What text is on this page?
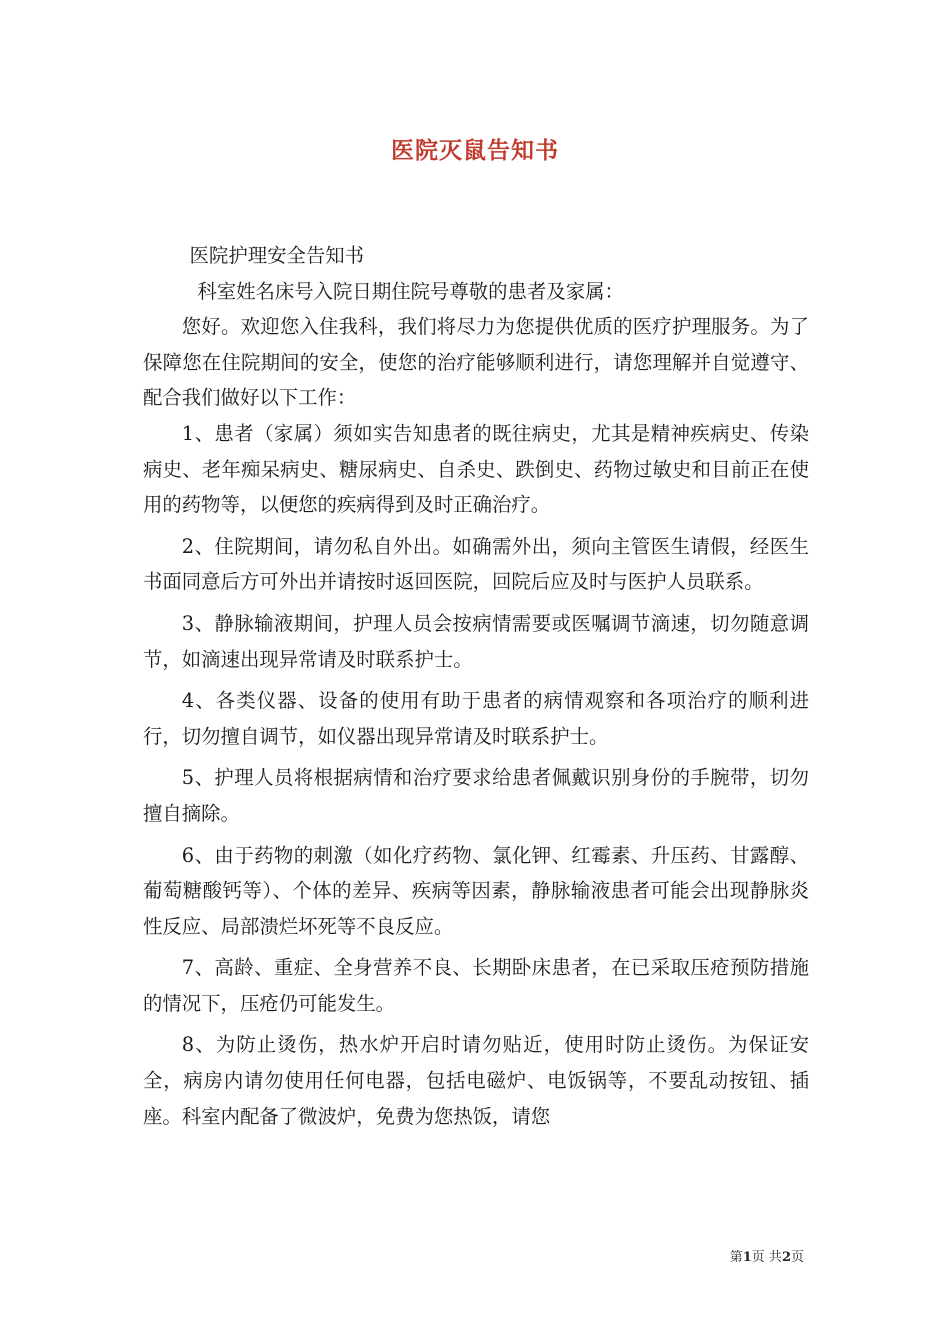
医院灭鼠告知书

医院护理安全告知书

科室姓名床号入院日期住院号尊敬的患者及家属：

您好。欢迎您入住我科，我们将尽力为您提供优质的医疗护理服务。为了保障您在住院期间的安全，使您的治疗能够顺利进行，请您理解并自觉遵守、配合我们做好以下工作：

1、患者（家属）须如实告知患者的既往病史，尤其是精神疾病史、传染病史、老年痴呆病史、糖尿病史、自杀史、跌倒史、药物过敏史和目前正在使用的药物等，以便您的疾病得到及时正确治疗。

2、住院期间，请勿私自外出。如确需外出，须向主管医生请假，经医生书面同意后方可外出并请按时返回医院，回院后应及时与医护人员联系。

3、静脉输液期间，护理人员会按病情需要或医嘱调节滴速，切勿随意调节，如滴速出现异常请及时联系护士。

4、各类仪器、设备的使用有助于患者的病情观察和各项治疗的顺利进行，切勿擅自调节，如仪器出现异常请及时联系护士。

5、护理人员将根据病情和治疗要求给患者佩戴识别身份的手腕带，切勿擅自摘除。

6、由于药物的刺激（如化疗药物、氯化钾、红霉素、升压药、甘露醇、葡萄糖酸钙等）、个体的差异、疾病等因素，静脉输液患者可能会出现静脉炎性反应、局部溃烂坏死等不良反应。

7、高龄、重症、全身营养不良、长期卧床患者，在已采取压疮预防措施的情况下，压疮仍可能发生。

8、为防止烫伤，热水炉开启时请勿贴近，使用时防止烫伤。为保证安全，病房内请勿使用任何电器，包括电磁炉、电饭锅等，不要乱动按钮、插座。科室内配备了微波炉，免费为您热饭，请您

第1页 共2页
